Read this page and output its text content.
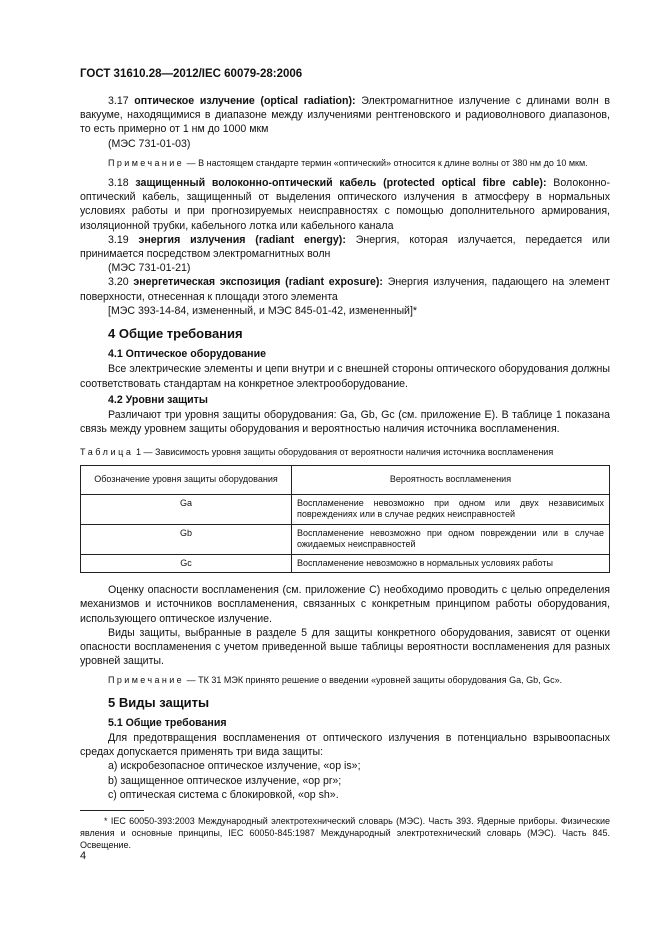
ГОСТ 31610.28—2012/IEC 60079-28:2006

3.17 оптическое излучение (optical radiation): Электромагнитное излучение с длинами волн в вакууме, находящимися в диапазоне между излучениями рентгеновского и радиоволнового диапазонов, то есть примерно от 1 нм до 1000 мкм

(МЭС 731-01-03)

Примечание — В настоящем стандарте термин «оптический» относится к длине волны от 380 нм до 10 мкм.

3.18 защищенный волоконно-оптический кабель (protected optical fibre cable): Волоконно-оптический кабель, защищенный от выделения оптического излучения в атмосферу в нормальных условиях работы и при прогнозируемых неисправностях с помощью дополнительного армирования, изоляционной трубки, кабельного лотка или кабельного канала

3.19 энергия излучения (radiant energy): Энергия, которая излучается, передается или принимается посредством электромагнитных волн

(МЭС 731-01-21)

3.20 энергетическая экспозиция (radiant exposure): Энергия излучения, падающего на элемент поверхности, отнесенная к площади этого элемента

[МЭС 393-14-84, измененный, и МЭС 845-01-42, измененный]*

4 Общие требования
4.1 Оптическое оборудование

Все электрические элементы и цепи внутри и с внешней стороны оптического оборудования должны соответствовать стандартам на конкретное электрооборудование.

4.2 Уровни защиты

Различают три уровня защиты оборудования: Ga, Gb, Gc (см. приложение E). В таблице 1 показана связь между уровнем защиты оборудования и вероятностью наличия источника воспламенения.

Таблица 1 — Зависимость уровня защиты оборудования от вероятности наличия источника воспламенения
Обозначение уровня защиты оборудования	Вероятность воспламенения
Ga	Воспламенение невозможно при одном или двух независимых повреждениях или в случае редких неисправностей
Gb	Воспламенение невозможно при одном повреждении или в случае ожидаемых неисправностей
Gc	Воспламенение невозможно в нормальных условиях работы

Оценку опасности воспламенения (см. приложение С) необходимо проводить с целью определения механизмов и источников воспламенения, связанных с конкретным принципом работы оборудования, использующего оптическое излучение.

Виды защиты, выбранные в разделе 5 для защиты конкретного оборудования, зависят от оценки опасности воспламенения с учетом приведенной выше таблицы вероятности воспламенения для разных уровней защиты.

Примечание — ТК 31 МЭК принято решение о введении «уровней защиты оборудования Ga, Gb, Gc».

5 Виды защиты
5.1 Общие требования

Для предотвращения воспламенения от оптического излучения в потенциально взрывоопасных средах допускается применять три вида защиты:

a) искробезопасное оптическое излучение, «op is»;

b) защищенное оптическое излучение, «op pr»;

c) оптическая система с блокировкой, «op sh».

* IEC 60050-393:2003 Международный электротехнический словарь (МЭС). Часть 393. Ядерные приборы. Физические явления и основные принципы, IEC 60050-845:1987 Международный электротехнический словарь (МЭС). Часть 845. Освещение.

4
